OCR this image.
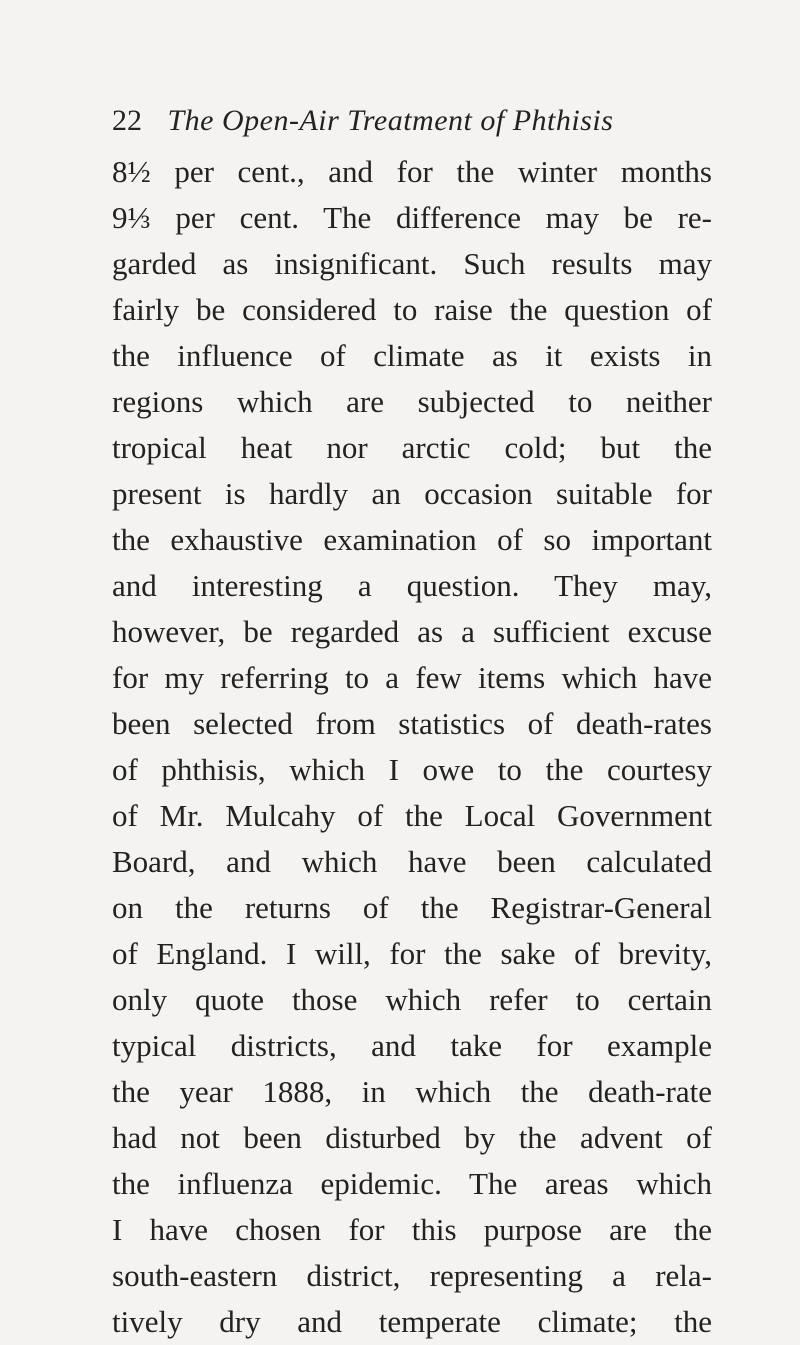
22 The Open-Air Treatment of Phthisis
8½ per cent., and for the winter months
9⅓ per cent. The difference may be re-
garded as insignificant. Such results may
fairly be considered to raise the question of
the influence of climate as it exists in
regions which are subjected to neither
tropical heat nor arctic cold; but the
present is hardly an occasion suitable for
the exhaustive examination of so important
and interesting a question. They may,
however, be regarded as a sufficient excuse
for my referring to a few items which have
been selected from statistics of death-rates
of phthisis, which I owe to the courtesy
of Mr. Mulcahy of the Local Government
Board, and which have been calculated
on the returns of the Registrar-General
of England. I will, for the sake of brevity,
only quote those which refer to certain
typical districts, and take for example
the year 1888, in which the death-rate
had not been disturbed by the advent of
the influenza epidemic. The areas which
I have chosen for this purpose are the
south-eastern district, representing a rela-
tively dry and temperate climate; the
